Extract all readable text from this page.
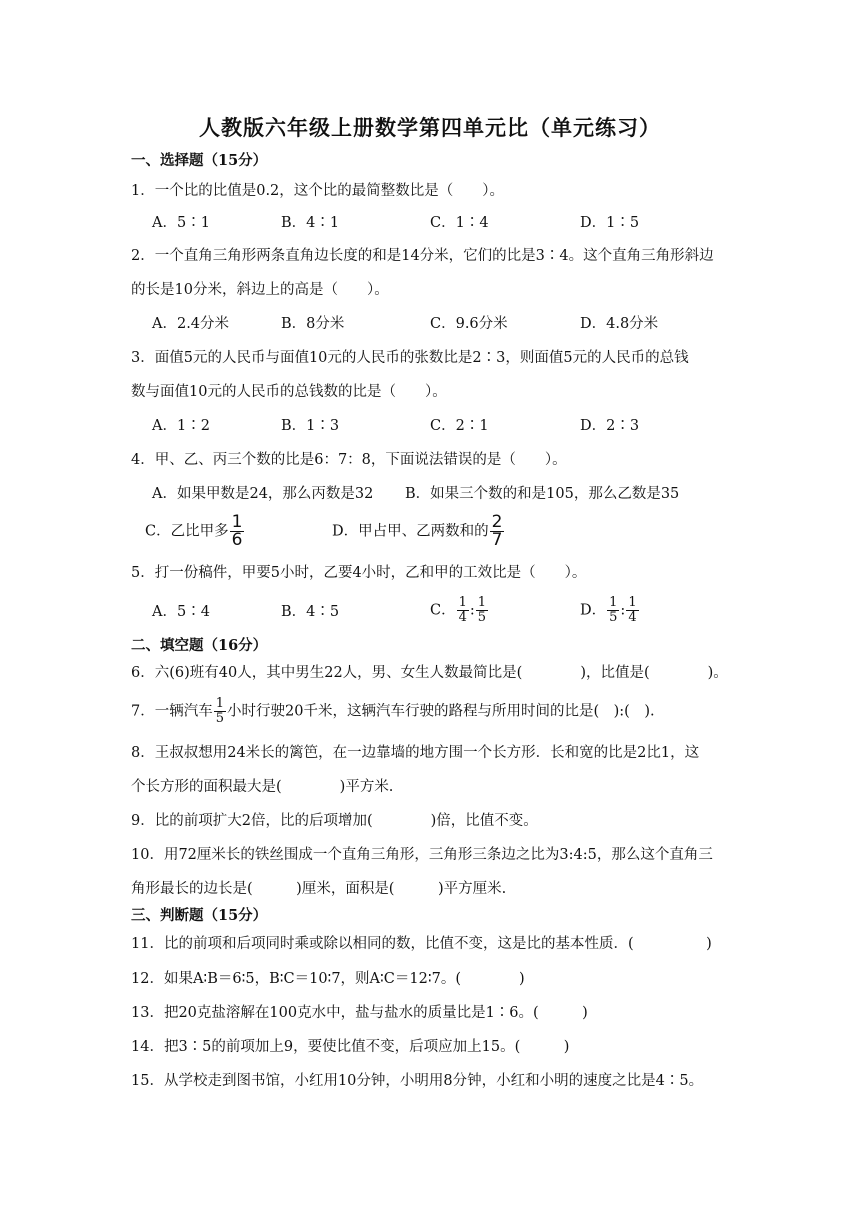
人教版六年级上册数学第四单元比（单元练习）
一、选择题（15分）
1．一个比的比值是0.2，这个比的最简整数比是（　　）。
A．5∶1	B．4∶1	C．1∶4	D．1∶5
2．一个直角三角形两条直角边长度的和是14分米，它们的比是3∶4。这个直角三角形斜边
的长是10分米，斜边上的高是（　　）。
A．2.4分米	B．8分米	C．9.6分米	D．4.8分米
3．面值5元的人民币与面值10元的人民币的张数比是2∶3，则面值5元的人民币的总钱
数与面值10元的人民币的总钱数的比是（　　）。
A．1∶2	B．1∶3	C．2∶1	D．2∶3
4．甲、乙、丙三个数的比是6：7：8，下面说法错误的是（　　）。
A．如果甲数是24，那么丙数是32 B．如果三个数的和是105，那么乙数是35
C．乙比甲多 $\frac{1}{6}$	D．甲占甲、乙两数和的 $\frac{2}{7}$
5．打一份稿件，甲要5小时，乙要4小时，乙和甲的工效比是（　　）。
A．5∶4	B．4∶5	C． $\frac{1}{4}$ : $\frac{1}{5}$	D． $\frac{1}{5}$ : $\frac{1}{4}$
二、填空题（16分）
6．六(6)班有40人，其中男生22人，男、女生人数最简比是(　　　　)，比值是(　　　　)。
7．一辆汽车 $\frac{1}{5}$ 小时行驶20千米，这辆汽车行驶的路程与所用时间的比是(　):(　).
8．王叔叔想用24米长的篱笆，在一边靠墙的地方围一个长方形．长和宽的比是2比1，这
个长方形的面积最大是(　　　　)平方米.
9．比的前项扩大2倍，比的后项增加(　　　　)倍，比值不变。
10．用72厘米长的铁丝围成一个直角三角形，三角形三条边之比为3:4:5，那么这个直角三
角形最长的边长是(　　　)厘米，面积是(　　　)平方厘米.
三、判断题（15分）
11．比的前项和后项同时乘或除以相同的数，比值不变，这是比的基本性质．(　　　　　)
12．如果A∶B＝6∶5，B∶C＝10∶7，则A∶C＝12∶7。(　　　　)
13．把20克盐溶解在100克水中，盐与盐水的质量比是1∶6。(　　　)
14．把3∶5的前项加上9，要使比值不变，后项应加上15。(　　　)
15．从学校走到图书馆，小红用10分钟，小明用8分钟，小红和小明的速度之比是4∶5。
